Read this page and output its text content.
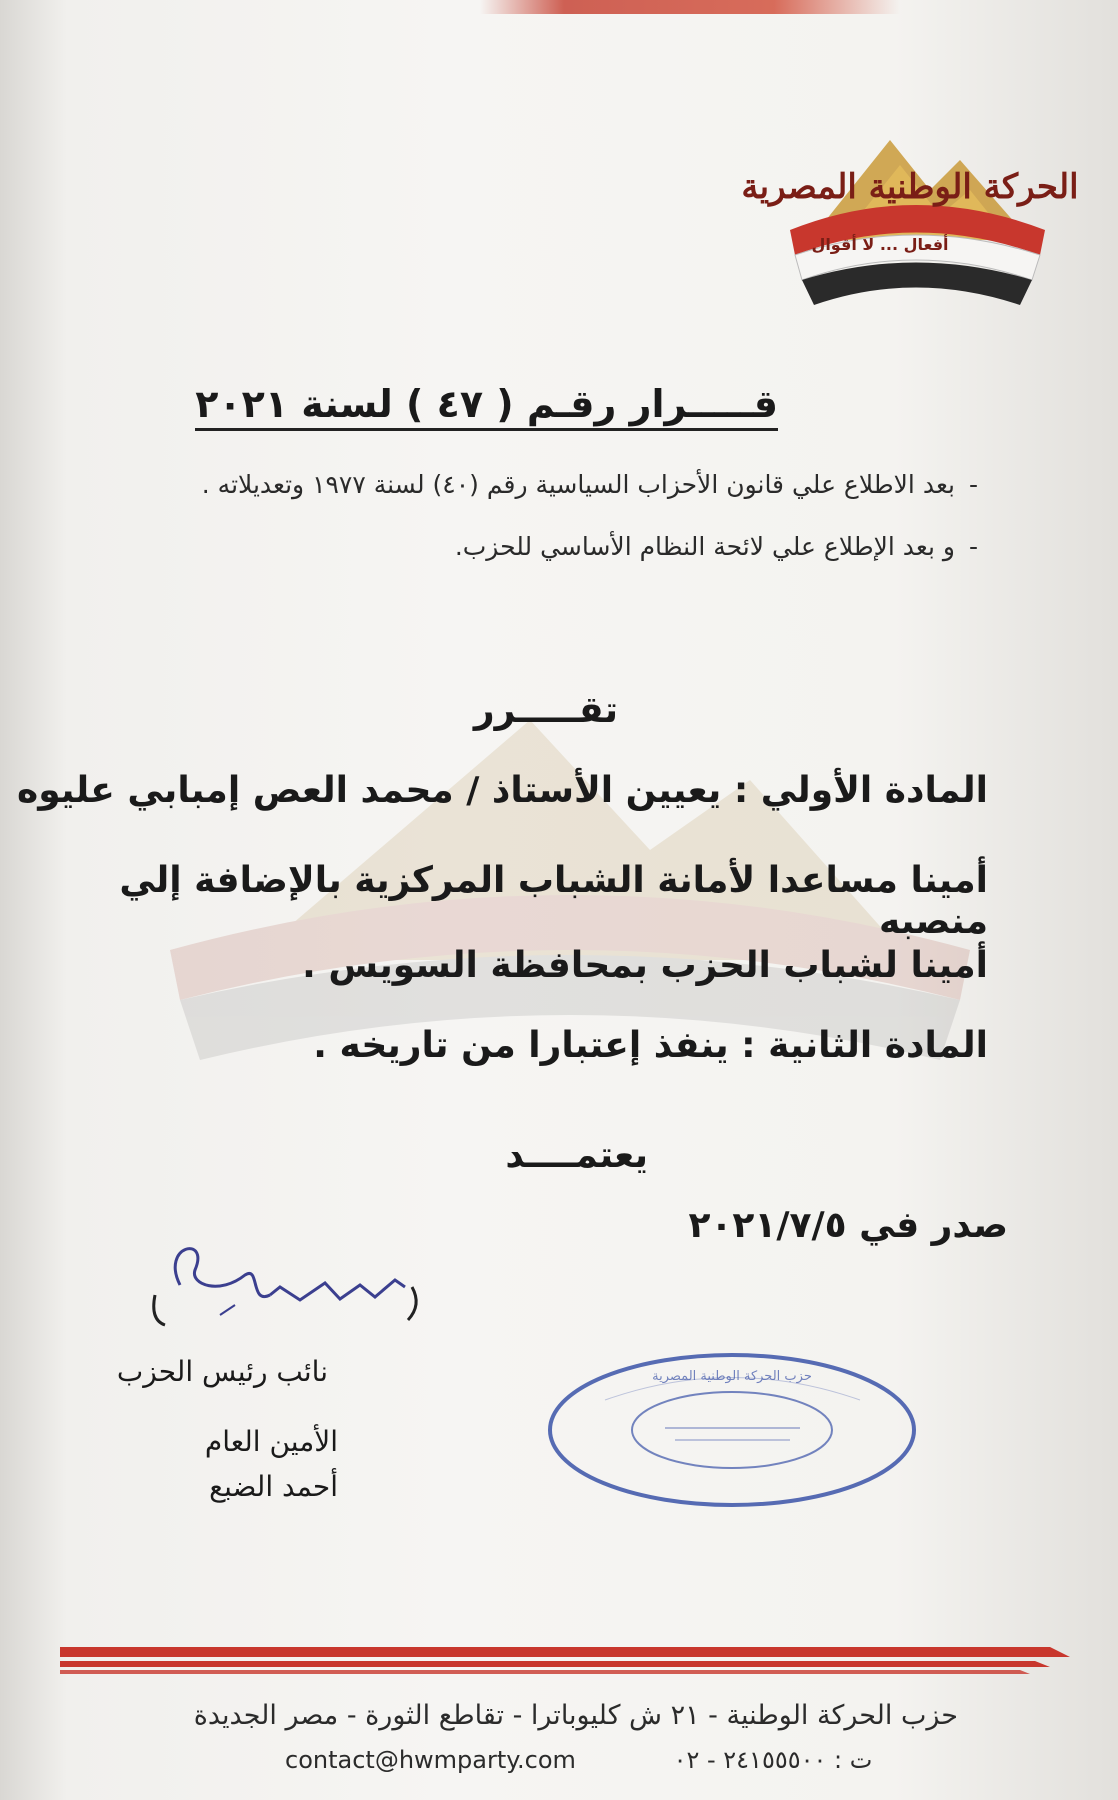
الحركة الوطنية المصرية
أفعال ... لا أقوال
قـــــرار رقـم ( ٤٧ ) لسنة ٢٠٢١
-بعد الاطلاع علي قانون الأحزاب السياسية رقم (٤٠) لسنة ١٩٧٧ وتعديلاته .
-و بعد الإطلاع علي لائحة النظام الأساسي للحزب.
تقـــــرر
المادة الأولي : يعيين الأستاذ / محمد العص إمبابي عليوه
أمينا مساعدا لأمانة الشباب المركزية بالإضافة إلي منصبه
أمينا لشباب الحزب بمحافظة السويس .
المادة الثانية : ينفذ إعتبارا من تاريخه .
يعتمــــد
صدر في ٢٠٢١/٧/٥
نائب رئيس الحزب
الأمين العام
أحمد الضبع
حزب الحركة الوطنية المصرية
حزب الحركة الوطنية - ٢١ ش كليوباترا - تقاطع الثورة - مصر الجديدة
contact@hwmparty.com	ت : ٢٤١٥٥٥٠٠ - ٠٢
